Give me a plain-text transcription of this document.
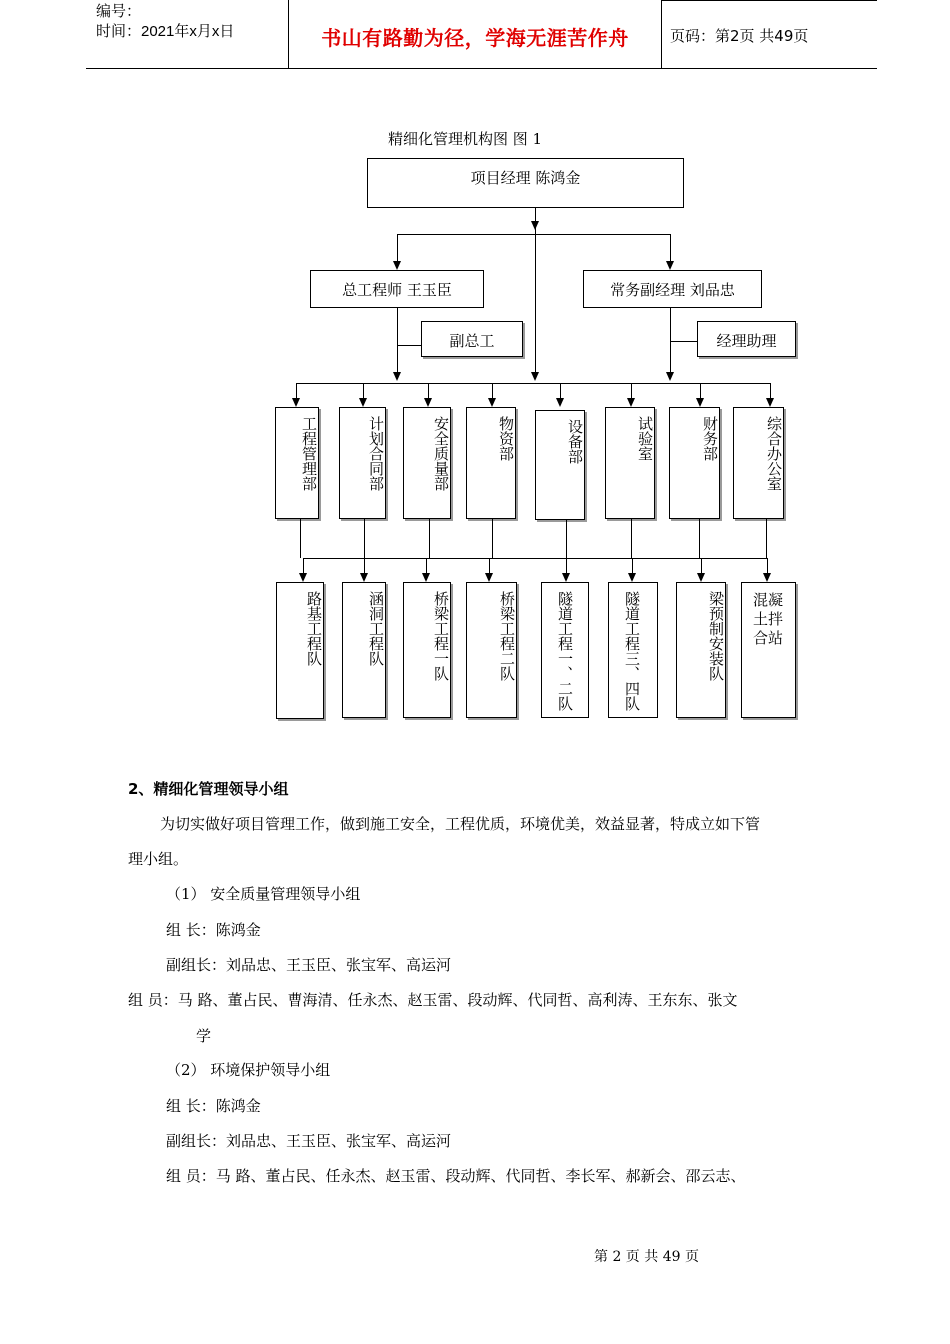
编号：
时间：2021年x月x日	书山有路勤为径，学海无涯苦作舟	页码：第2页 共49页
精细化管理机构图 图 1
项目经理 陈鸿金
总工程师 王玉臣	常务副经理 刘品忠
副总工	经理助理
工程管理部	计划合同部	安全质量部	物资部	设备部	试验室	财务部	综合办公室
路基工程队	涵洞工程队	桥梁工程一队	桥梁工程二队	隧道工程一、二队	隧道工程三、四队	梁预制安装队 混凝土拌合站
2、精细化管理领导小组
为切实做好项目管理工作，做到施工安全，工程优质，环境优美，效益显著，特成立如下管
理小组。
（1） 安全质量管理领导小组
组 长：陈鸿金
副组长：刘品忠、王玉臣、张宝军、高运河
组 员：马 路、董占民、曹海清、任永杰、赵玉雷、段动辉、代同哲、高利涛、王东东、张文
学
（2） 环境保护领导小组
组 长：陈鸿金
副组长：刘品忠、王玉臣、张宝军、高运河
组 员：马 路、董占民、任永杰、赵玉雷、段动辉、代同哲、李长军、郝新会、邵云志、
第 2 页 共 49 页
